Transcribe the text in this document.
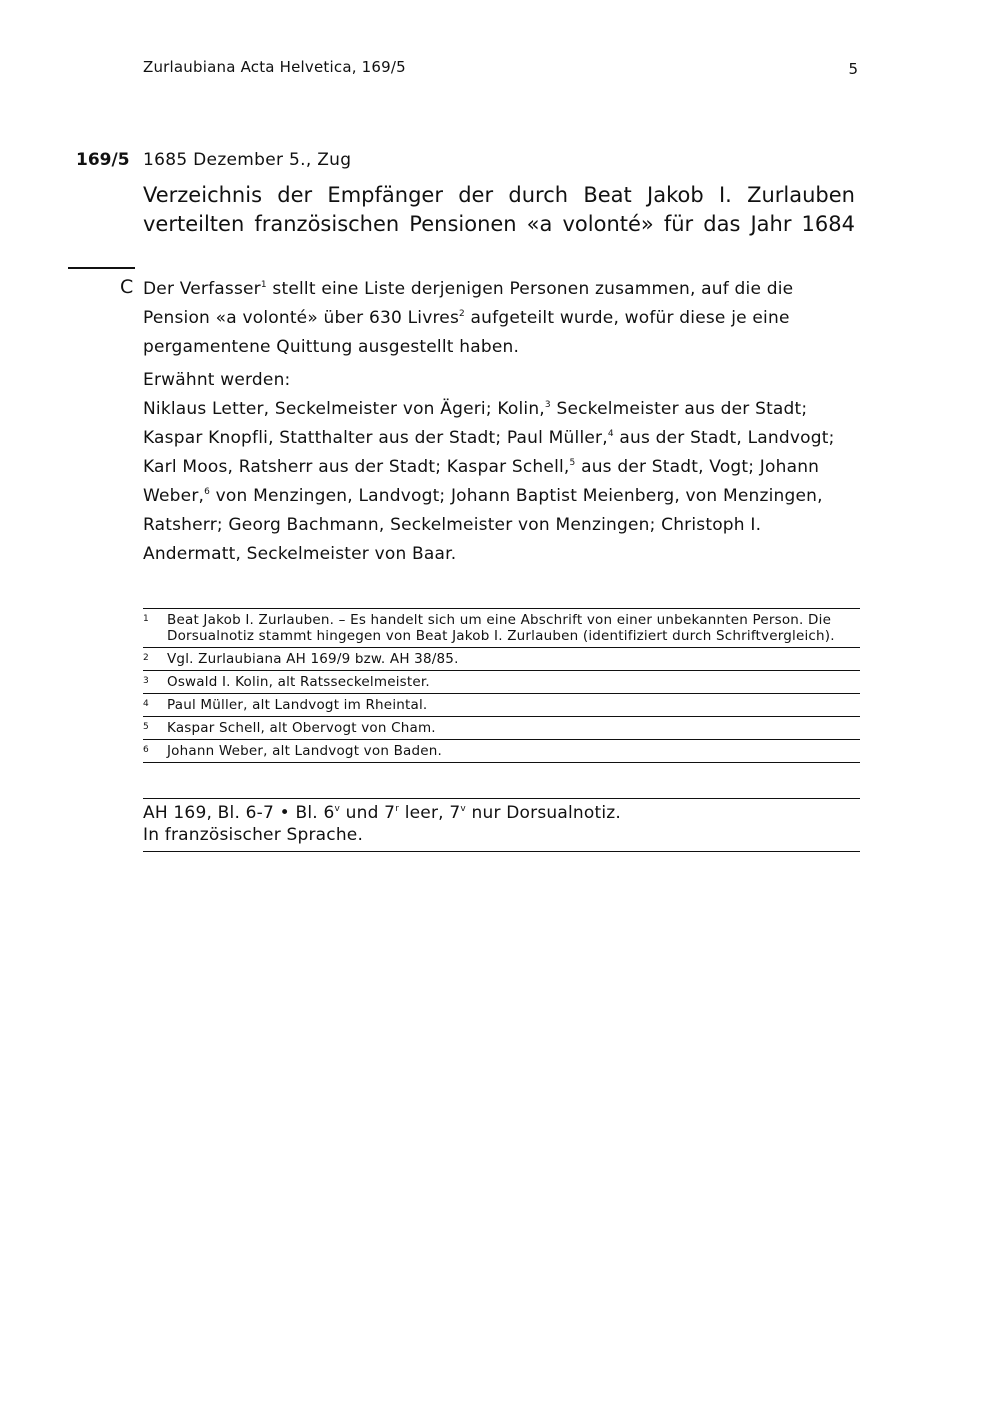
Zurlaubiana Acta Helvetica, 169/5	5
169/5 1685 Dezember 5., Zug
Verzeichnis der Empfänger der durch Beat Jakob I. Zurlauben verteilten französischen Pensionen «a volonté» für das Jahr 1684
C Der Verfasser$^1$ stellt eine Liste derjenigen Personen zusammen, auf die die Pension «a volonté» über 630 Livres$^2$ aufgeteilt wurde, wofür diese je eine pergamentene Quittung ausgestellt haben.

Erwähnt werden:

Niklaus Letter, Seckelmeister von Ägeri; Kolin,$^3$ Seckelmeister aus der Stadt; Kaspar Knopfli, Statthalter aus der Stadt; Paul Müller,$^4$ aus der Stadt, Landvogt; Karl Moos, Ratsherr aus der Stadt; Kaspar Schell,$^5$ aus der Stadt, Vogt; Johann Weber,$^6$ von Menzingen, Landvogt; Johann Baptist Meienberg, von Menzingen, Ratsherr; Georg Bachmann, Seckelmeister von Menzingen; Christoph I. Andermatt, Seckelmeister von Baar.

1 Beat Jakob I. Zurlauben. – Es handelt sich um eine Abschrift von einer unbekannten Person. Die Dorsualnotiz stammt hingegen von Beat Jakob I. Zurlauben (identifiziert durch Schriftvergleich).
2 Vgl. Zurlaubiana AH 169/9 bzw. AH 38/85.
3 Oswald I. Kolin, alt Ratsseckelmeister.
4 Paul Müller, alt Landvogt im Rheintal.
5 Kaspar Schell, alt Obervogt von Cham.
6 Johann Weber, alt Landvogt von Baden.

AH 169, Bl. 6-7 • Bl. 6$^v$ und 7$^r$ leer, 7$^v$ nur Dorsualnotiz.

In französischer Sprache.
